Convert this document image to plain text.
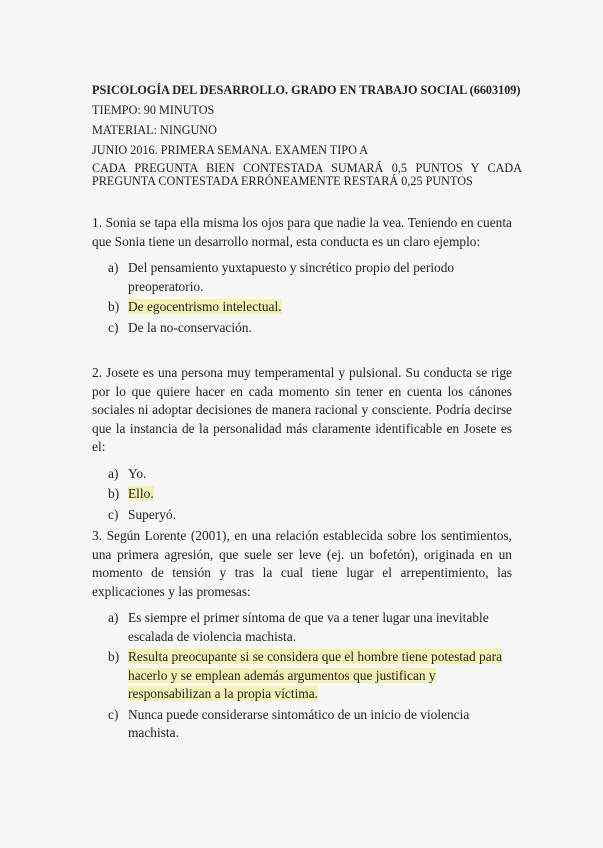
PSICOLOGÍA DEL DESARROLLO. GRADO EN TRABAJO SOCIAL (6603109)
TIEMPO: 90 MINUTOS
MATERIAL: NINGUNO
JUNIO 2016. PRIMERA SEMANA. EXAMEN TIPO A
CADA PREGUNTA BIEN CONTESTADA SUMARÁ 0,5 PUNTOS Y CADA PREGUNTA CONTESTADA ERRÓNEAMENTE RESTARÁ 0,25 PUNTOS
1. Sonia se tapa ella misma los ojos para que nadie la vea. Teniendo en cuenta que Sonia tiene un desarrollo normal, esta conducta es un claro ejemplo:
a) Del pensamiento yuxtapuesto y sincrético propio del periodo preoperatorio.
b) De egocentrismo intelectual.
c) De la no-conservación.
2. Josete es una persona muy temperamental y pulsional. Su conducta se rige por lo que quiere hacer en cada momento sin tener en cuenta los cánones sociales ni adoptar decisiones de manera racional y consciente. Podría decirse que la instancia de la personalidad más claramente identificable en Josete es el:
a) Yo.
b) Ello.
c) Superyó.
3. Según Lorente (2001), en una relación establecida sobre los sentimientos, una primera agresión, que suele ser leve (ej. un bofetón), originada en un momento de tensión y tras la cual tiene lugar el arrepentimiento, las explicaciones y las promesas:
a) Es siempre el primer síntoma de que va a tener lugar una inevitable escalada de violencia machista.
b) Resulta preocupante si se considera que el hombre tiene potestad para hacerlo y se emplean además argumentos que justifican y responsabilizan a la propia víctima.
c) Nunca puede considerarse sintomático de un inicio de violencia machista.
